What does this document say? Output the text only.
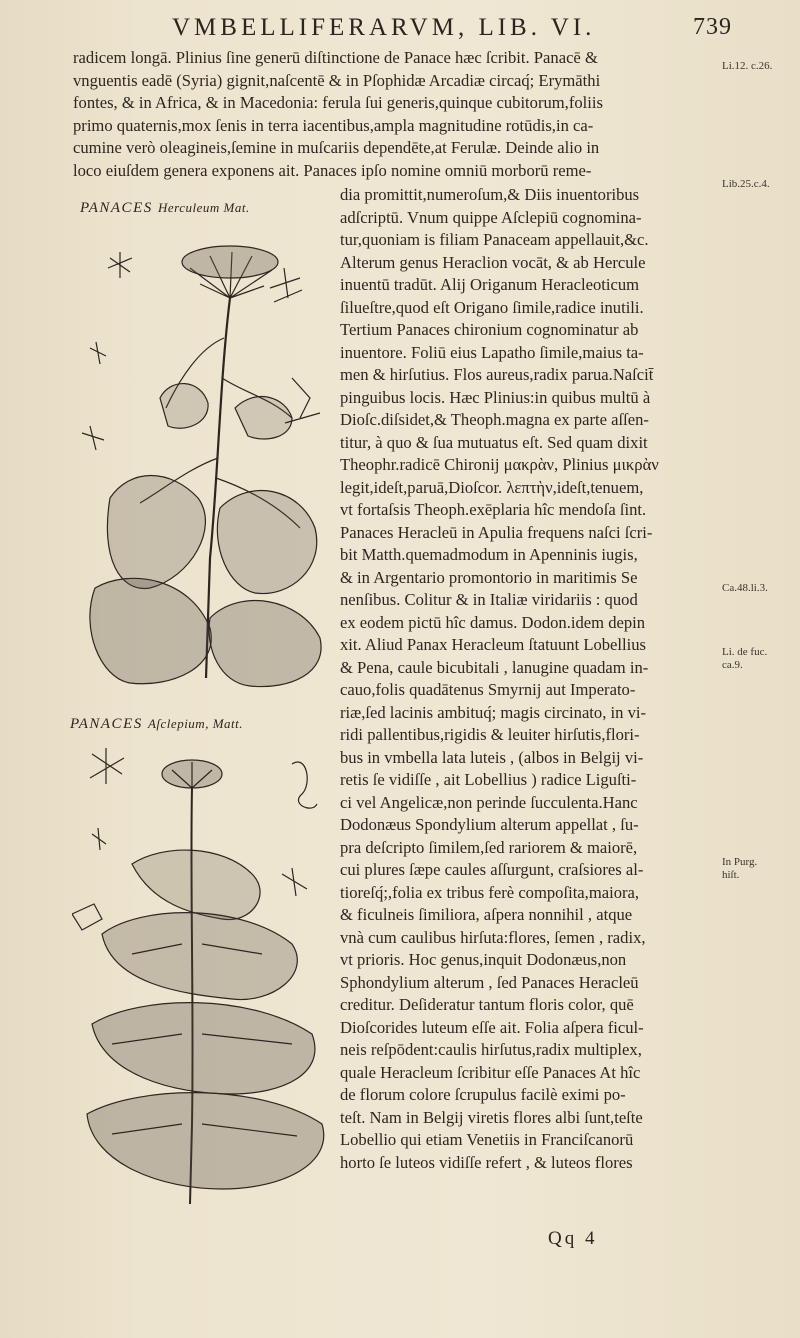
VMBELLIFERARVM, LIB. VI.	739

radicem longā. Plinius ſine generū diſtinctione de Panace hæc ſcribit. Panacē &

vnguentis eadē (Syria) gignit,naſcentē & in Pſophidæ Arcadiæ circaq́; Erymāthi

fontes, & in Africa, & in Macedonia: ferula ſui generis,quinque cubitorum,foliis

primo quaternis,mox ſenis in terra iacentibus,ampla magnitudine rotūdis,in ca-

cumine verò oleagineis,ſemine in muſcariis dependēte,at Ferulæ. Deinde alio in

loco eiuſdem genera exponens ait. Panaces ipſo nomine omniū morborū reme-

dia promittit,numeroſum,& Diis inuentoribus

adſcriptū. Vnum quippe Aſclepiū cognomina-

tur,quoniam is filiam Panaceam appellauit,&c.

Alterum genus Heraclion vocāt, & ab Hercule

inuentū tradūt. Alij Origanum Heracleoticum

ſilueſtre,quod eſt Origano ſimile,radice inutili.

Tertium Panaces chironium cognominatur ab

inuentore. Foliū eius Lapatho ſimile,maius ta-

men & hirſutius. Flos aureus,radix parua.Naſcit̄

pinguibus locis. Hæc Plinius:in quibus multū à

Dioſc.diſsidet,& Theoph.magna ex parte aſſen-

titur, à quo & ſua mutuatus eſt. Sed quam dixit

Theophr.radicē Chironij μακρὰν, Plinius μικρὰν

legit,ideſt,paruā,Dioſcor. λεπτὴν,ideſt,tenuem,

vt fortaſsis Theoph.exēplaria hîc mendoſa ſint.

Panaces Heracleū in Apulia frequens naſci ſcri-

bit Matth.quemadmodum in Apenninis iugis,

& in Argentario promontorio in maritimis Se

nenſibus. Colitur & in Italiæ viridariis : quod

ex eodem pictū hîc damus. Dodon.idem depin

xit. Aliud Panax Heracleum ſtatuunt Lobellius

& Pena, caule bicubitali , lanugine quadam in-

cauo,folis quadātenus Smyrnij aut Imperato-

riæ,ſed lacinis ambituq́; magis circinato, in vi-

ridi pallentibus,rigidis & leuiter hirſutis,flori-

bus in vmbella lata luteis , (albos in Belgij vi-

retis ſe vidiſſe , ait Lobellius ) radice Liguſti-

ci vel Angelicæ,non perinde ſucculenta.Hanc

Dodonæus Spondylium alterum appellat , ſu-

pra deſcripto ſimilem,ſed rariorem & maiorē,

cui plures ſæpe caules aſſurgunt, craſsiores al-

tioreſq́;,folia ex tribus ferè compoſita,maiora,

& ficulneis ſimiliora, aſpera nonnihil , atque

vnà cum caulibus hirſuta:flores, ſemen , radix,

vt prioris. Hoc genus,inquit Dodonæus,non

Sphondylium alterum , ſed Panaces Heracleū

creditur. Deſideratur tantum floris color, quē

Dioſcorides luteum eſſe ait. Folia aſpera ficul-

neis reſpōdent:caulis hirſutus,radix multiplex,

quale Heracleum ſcribitur eſſe Panaces At hîc

de florum colore ſcrupulus facilè eximi po-

teſt. Nam in Belgij viretis flores albi ſunt,teſte

Lobellio qui etiam Venetiis in Franciſcanorū

horto ſe luteos vidiſſe refert , & luteos flores

Li.12. c.26.
Lib.25.c.4.
Ca.48.li.3.
Li. de fuc. ca.9.
In Purg. hiſt.
PANACES Herculeum Mat.
PANACES Aſclepium, Matt.
Qq 4
